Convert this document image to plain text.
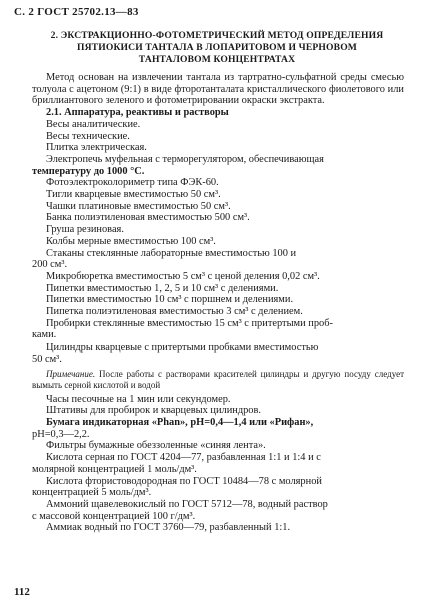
С. 2 ГОСТ 25702.13—83
2. ЭКСТРАКЦИОННО-ФОТОМЕТРИЧЕСКИЙ МЕТОД ОПРЕДЕЛЕНИЯ
ПЯТИОКИСИ ТАНТАЛА В ЛОПАРИТОВОМ И ЧЕРНОВОМ
ТАНТАЛОВОМ КОНЦЕНТРАТАХ
Метод основан на извлечении тантала из тартратно-сульфатной среды смесью толуола с ацетоном (9:1) в виде фторотанталата кристаллического фиолетового или бриллиантового зеленого и фотометрировании окраски экстракта.
2.1. Аппаратура, реактивы и растворы
Весы аналитические.
Весы технические.
Плитка электрическая.
Электропечь муфельная с терморегулятором, обеспечивающая
температуру до 1000 °С.
Фотоэлектроколориметр типа ФЭК-60.
Тигли кварцевые вместимостью 50 см³.
Чашки платиновые вместимостью 50 см³.
Банка полиэтиленовая вместимостью 500 см³.
Груша резиновая.
Колбы мерные вместимостью 100 см³.
Стаканы стеклянные лабораторные вместимостью 100 и
200 см³.
Микробюретка вместимостью 5 см³ с ценой деления 0,02 см³.
Пипетки вместимостью 1, 2, 5 и 10 см³ с делениями.
Пипетки вместимостью 10 см³ с поршнем и делениями.
Пипетка полиэтиленовая вместимостью 3 см³ с делением.
Пробирки стеклянные вместимостью 15 см³ с притертыми проб-
ками.
Цилиндры кварцевые с притертыми пробками вместимостью
50 см³.
Примечание. После работы с растворами красителей цилиндры и другую посуду следует вымыть серной кислотой и водой
Часы песочные на 1 мин или секундомер.
Штативы для пробирок и кварцевых цилиндров.
Бумага индикаторная «Phan», pH=0,4—1,4 или «Рифан»,
pH=0,3—2,2.
Фильтры бумажные обеззоленные «синяя лента».
Кислота серная по ГОСТ 4204—77, разбавленная 1:1 и 1:4 и с
молярной концентрацией 1 моль/дм³.
Кислота фтористоводородная по ГОСТ 10484—78 с молярной
концентрацией 5 моль/дм³.
Аммоний щавелевокислый по ГОСТ 5712—78, водный раствор
с массовой концентрацией 100 г/дм³.
Аммиак водный по ГОСТ 3760—79, разбавленный 1:1.
112
